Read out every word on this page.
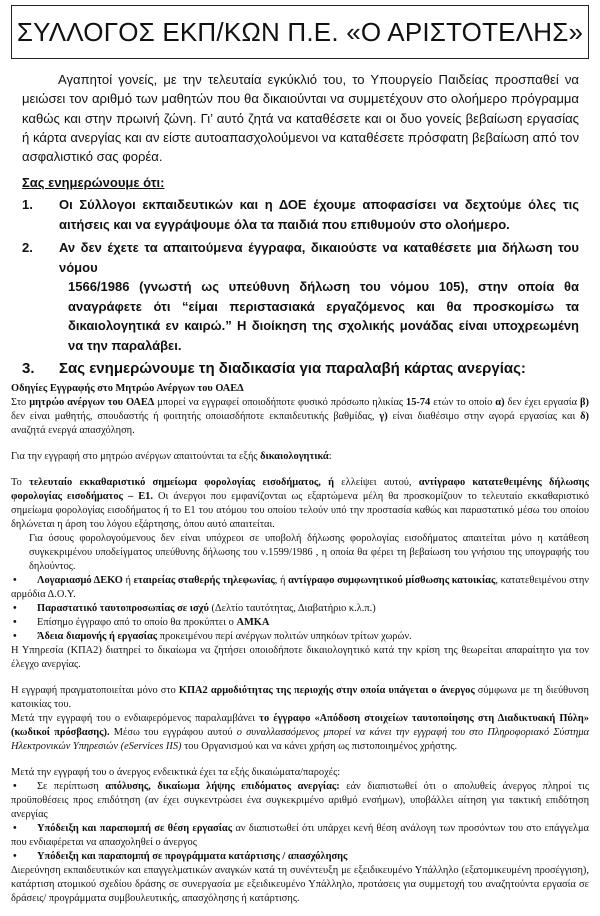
ΣΥΛΛΟΓΟΣ ΕΚΠ/ΚΩΝ Π.Ε. «Ο ΑΡΙΣΤΟΤΕΛΗΣ»

Αγαπητοί γονείς, με την τελευταία εγκύκλιό του, το Υπουργείο Παιδείας προσπαθεί να μειώσει τον αριθμό των μαθητών που θα δικαιούνται να συμμετέχουν στο ολοήμερο πρόγραμμα καθώς και στην πρωινή ζώνη. Γι’ αυτό ζητά να καταθέσετε και οι δυο γονείς βεβαίωση εργασίας ή κάρτα ανεργίας και αν είστε αυτοαπασχολούμενοι να καταθέσετε πρόσφατη βεβαίωση από τον ασφαλιστικό σας φορέα.

Σας ενημερώνουμε ότι:
1. Οι Σύλλογοι εκπαιδευτικών και η ΔΟΕ έχουμε αποφασίσει να δεχτούμε όλες τις αιτήσεις και να εγγράψουμε όλα τα παιδιά που επιθυμούν στο ολοήμερο.
2. Αν δεν έχετε τα απαιτούμενα έγγραφα, δικαιούστε να καταθέσετε μια δήλωση του νόμου
1566/1986 (γνωστή ως υπεύθυνη δήλωση του νόμου 105), στην οποία θα αναγράφετε ότι “είμαι περιστασιακά εργαζόμενος και θα προσκομίσω τα δικαιολογητικά εν καιρώ.” Η διοίκηση της σχολικής μονάδας είναι υποχρεωμένη να την παραλάβει.
3. Σας ενημερώνουμε τη διαδικασία για παραλαβή κάρτας ανεργίας:

Οδηγίες Εγγραφής στο Μητρώο Ανέργων του ΟΑΕΔ

Στο μητρώο ανέργων του ΟΑΕΔ μπορεί να εγγραφεί οποιοδήποτε φυσικό πρόσωπο ηλικίας 15-74 ετών το οποίο α) δεν έχει εργασία β) δεν είναι μαθητής, σπουδαστής ή φοιτητής οποιασδήποτε εκπαιδευτικής βαθμίδας, γ) είναι διαθέσιμο στην αγορά εργασίας και δ) αναζητά ενεργά απασχόληση.

Για την εγγραφή στο μητρώο ανέργων απαιτούνται τα εξής δικαιολογητικά:

Το τελευταίο εκκαθαριστικό σημείωμα φορολογίας εισοδήματος, ή ελλείψει αυτού, αντίγραφο κατατεθειμένης δήλωσης φορολογίας εισοδήματος – Ε1. Οι άνεργοι που εμφανίζονται ως εξαρτώμενα μέλη θα προσκομίζουν το τελευταίο εκκαθαριστικό σημείωμα φορολογίας εισοδήματος ή το Ε1 του ατόμου του οποίου τελούν υπό την προστασία καθώς και παραστατικό μέσω του οποίου δηλώνεται η άρση του λόγου εξάρτησης, όπου αυτό απαιτείται.

Για όσους φορολογούμενους δεν είναι υπόχρεοι σε υποβολή δήλωσης φορολογίας εισοδήματος απαιτείται μόνο η κατάθεση συγκεκριμένου υποδείγματος υπεύθυνης δήλωσης του ν.1599/1986 , η οποία θα φέρει τη βεβαίωση του γνήσιου της υπογραφής του δηλούντος.

• Λογαριασμό ΔΕΚΟ ή εταιρείας σταθερής τηλεφωνίας, ή αντίγραφο συμφωνητικού μίσθωσης κατοικίας, κατατεθειμένου στην αρμόδια Δ.Ο.Υ.

• Παραστατικό ταυτοπροσωπίας σε ισχύ (Δελτίο ταυτότητας, Διαβατήριο κ.λ.π.)

• Επίσημο έγγραφο από το οποίο θα προκύπτει ο ΑΜΚΑ

• Άδεια διαμονής ή εργασίας προκειμένου περί ανέργων πολιτών υπηκόων τρίτων χωρών.

Η Υπηρεσία (ΚΠΑ2) διατηρεί το δικαίωμα να ζητήσει οποιοδήποτε δικαιολογητικό κατά την κρίση της θεωρείται απαραίτητο για τον έλεγχο ανεργίας.

Η εγγραφή πραγματοποιείται μόνο στο ΚΠΑ2 αρμοδιότητας της περιοχής στην οποία υπάγεται ο άνεργος σύμφωνα με τη διεύθυνση κατοικίας του.

Μετά την εγγραφή του ο ενδιαφερόμενος παραλαμβάνει το έγγραφο «Απόδοση στοιχείων ταυτοποίησης στη Διαδικτυακή Πύλη» (κωδικοί πρόσβασης). Μέσω του εγγράφου αυτού ο συναλλασσόμενος μπορεί να κάνει την εγγραφή του στο Πληροφοριακό Σύστημα Ηλεκτρονικών Υπηρεσιών (eServices ΙΙS) του Οργανισμού και να κάνει χρήση ως πιστοποιημένος χρήστης.

Μετά την εγγραφή του ο άνεργος ενδεικτικά έχει τα εξής δικαιώματα/παροχές:

• Σε περίπτωση απόλυσης, δικαίωμα λήψης επιδόματος ανεργίας: εάν διαπιστωθεί ότι ο απολυθείς άνεργος πληροί τις προϋποθέσεις προς επιδότηση (αν έχει συγκεντρώσει ένα συγκεκριμένο αριθμό ενσήμων), υποβάλλει αίτηση για τακτική επιδότηση ανεργίας

• Υπόδειξη και παραπομπή σε θέση εργασίας αν διαπιστωθεί ότι υπάρχει κενή θέση ανάλογη των προσόντων του στο επάγγελμα που ενδιαφέρεται να απασχοληθεί ο άνεργος

• Υπόδειξη και παραπομπή σε προγράμματα κατάρτισης / απασχόλησης

Διερεύνηση εκπαιδευτικών και επαγγελματικών αναγκών κατά τη συνέντευξη με εξειδικευμένο Υπάλληλο (εξατομικευμένη προσέγγιση), κατάρτιση ατομικού σχεδίου δράσης σε συνεργασία με εξειδικευμένο Υπάλληλο, προτάσεις για συμμετοχή του αναζητούντα εργασία σε δράσεις/ προγράμματα συμβουλευτικής, απασχόλησης ή κατάρτισης.
